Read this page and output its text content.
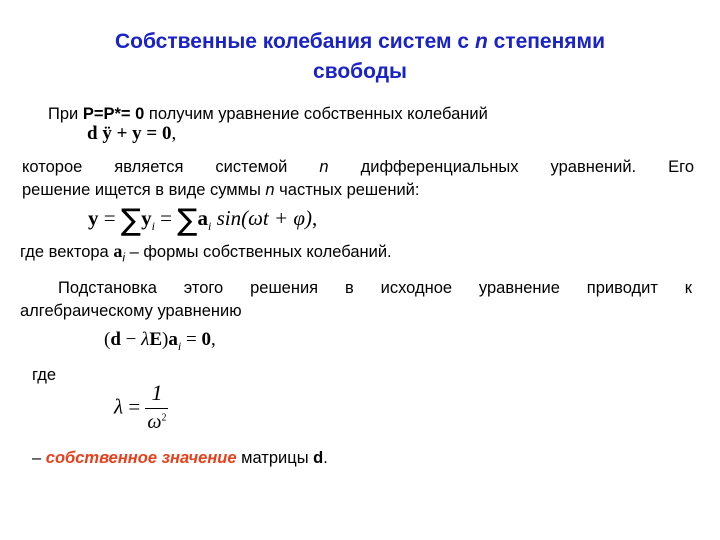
Собственные колебания систем с n степенями
свободы
При P=P*= 0 получим уравнение собственных колебаний
d ÿ + y = 0,
которое является системой n дифференциальных уравнений. Его
решение ищется в виде суммы n частных решений:
$y = \sum y_i = \sum a_i$ sin(ωt + φ),
где вектора $a_i$ – формы собственных колебаний.
Подстановка этого решения в исходное уравнение приводит к
алгебраическому уравнению
$(d - \lambda E)a_i = 0$,
где
$\lambda = \frac{1}{\omega^2}$
– собственное значение матрицы d.
